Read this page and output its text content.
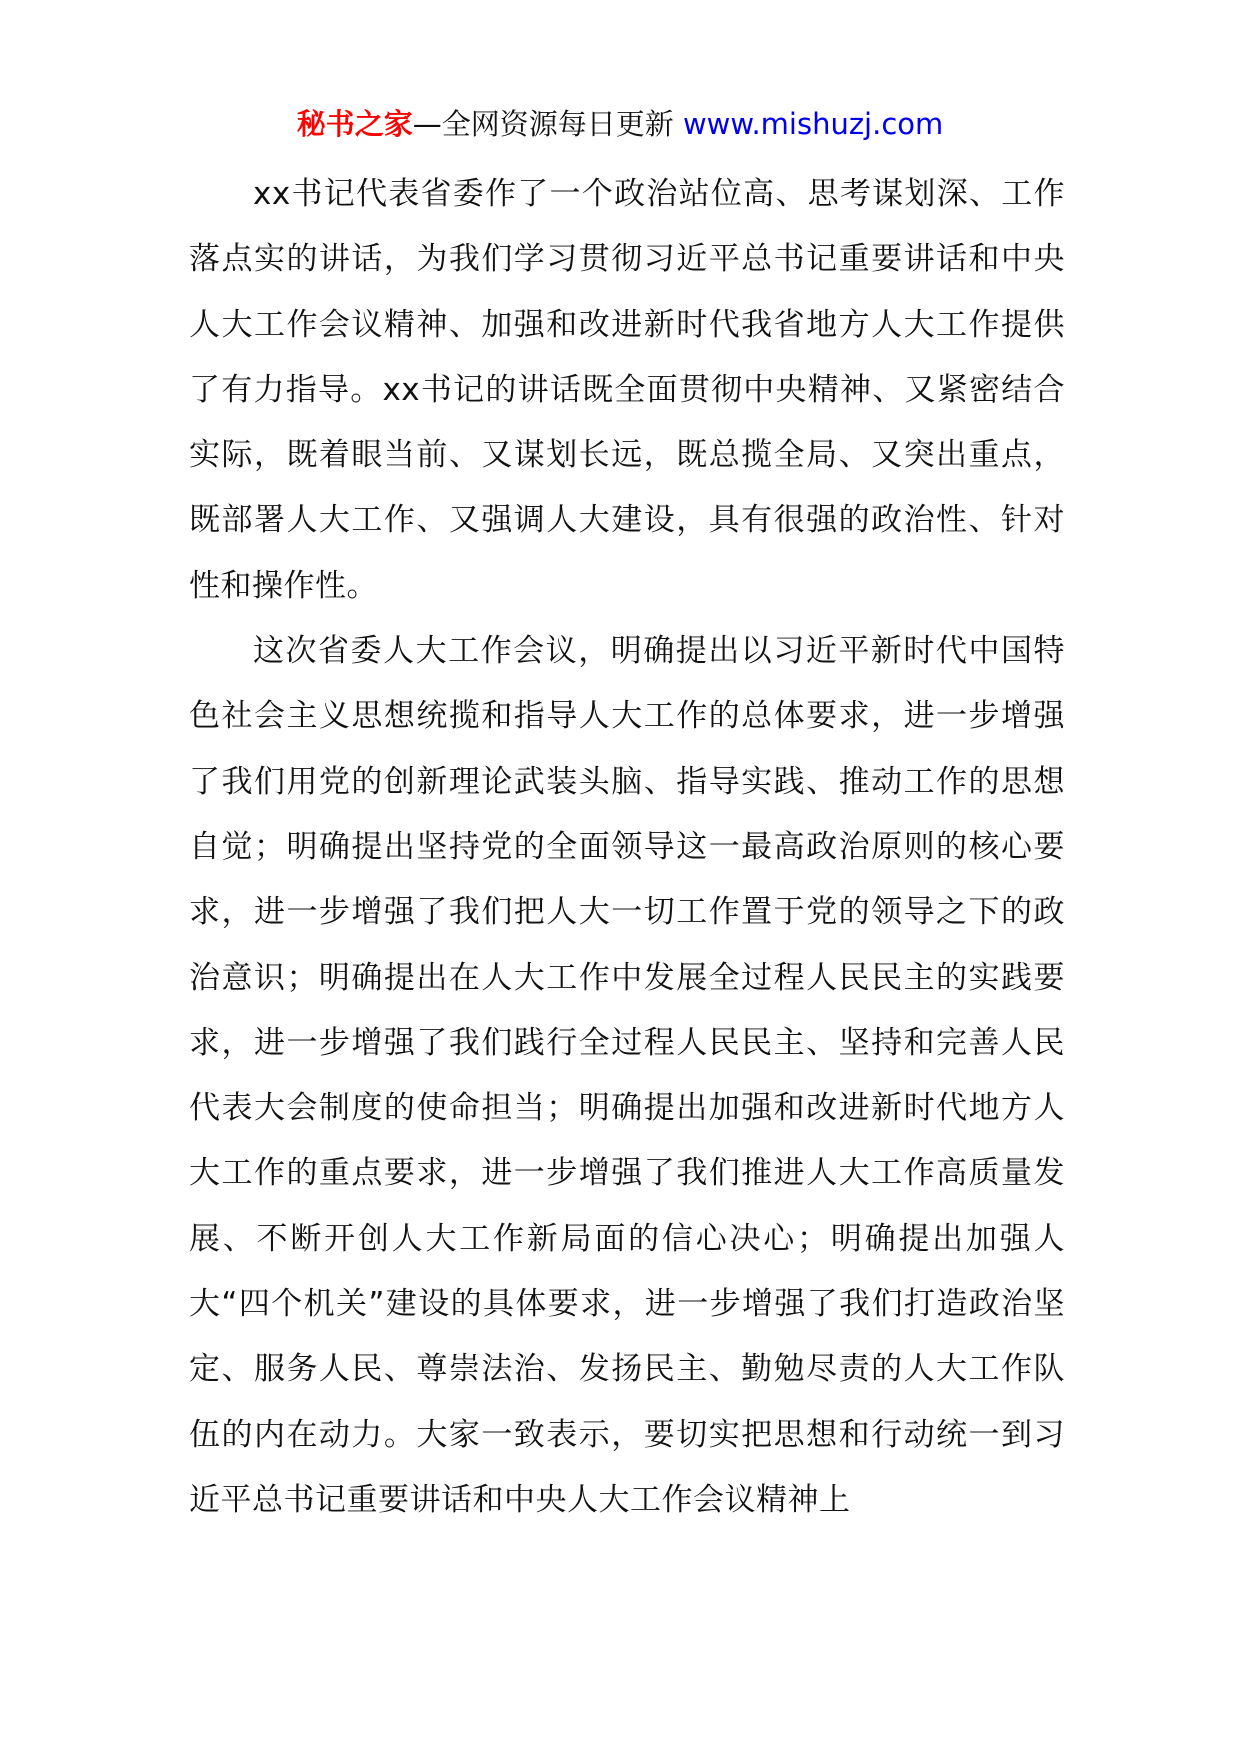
秘书之家—全网资源每日更新 www.mishuzj.com

xx书记代表省委作了一个政治站位高、思考谋划深、工作落点实的讲话，为我们学习贯彻习近平总书记重要讲话和中央人大工作会议精神、加强和改进新时代我省地方人大工作提供了有力指导。xx书记的讲话既全面贯彻中央精神、又紧密结合实际，既着眼当前、又谋划长远，既总揽全局、又突出重点，既部署人大工作、又强调人大建设，具有很强的政治性、针对性和操作性。

这次省委人大工作会议，明确提出以习近平新时代中国特色社会主义思想统揽和指导人大工作的总体要求，进一步增强了我们用党的创新理论武装头脑、指导实践、推动工作的思想自觉；明确提出坚持党的全面领导这一最高政治原则的核心要求，进一步增强了我们把人大一切工作置于党的领导之下的政治意识；明确提出在人大工作中发展全过程人民民主的实践要求，进一步增强了我们践行全过程人民民主、坚持和完善人民代表大会制度的使命担当；明确提出加强和改进新时代地方人大工作的重点要求，进一步增强了我们推进人大工作高质量发展、不断开创人大工作新局面的信心决心；明确提出加强人大“四个机关”建设的具体要求，进一步增强了我们打造政治坚定、服务人民、尊崇法治、发扬民主、勤勉尽责的人大工作队伍的内在动力。大家一致表示，要切实把思想和行动统一到习近平总书记重要讲话和中央人大工作会议精神上
